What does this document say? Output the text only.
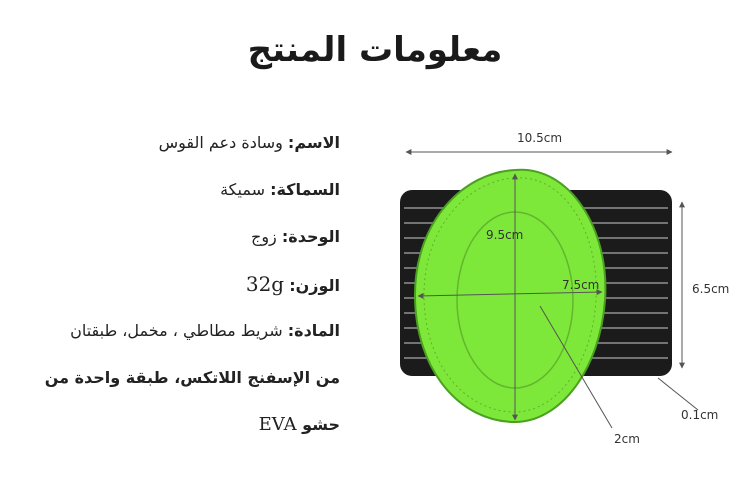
معلومات المنتج
الاسم: وسادة دعم القوس
السماكة: سميكة
الوحدة: زوج
الوزن: 32g
المادة: شريط مطاطي ، مخمل، طبقتان
من الإسفنج اللاتكس، طبقة واحدة من
حشو EVA
10.5cm
9.5cm
7.5cm	6.5cm
0.1cm
2cm
